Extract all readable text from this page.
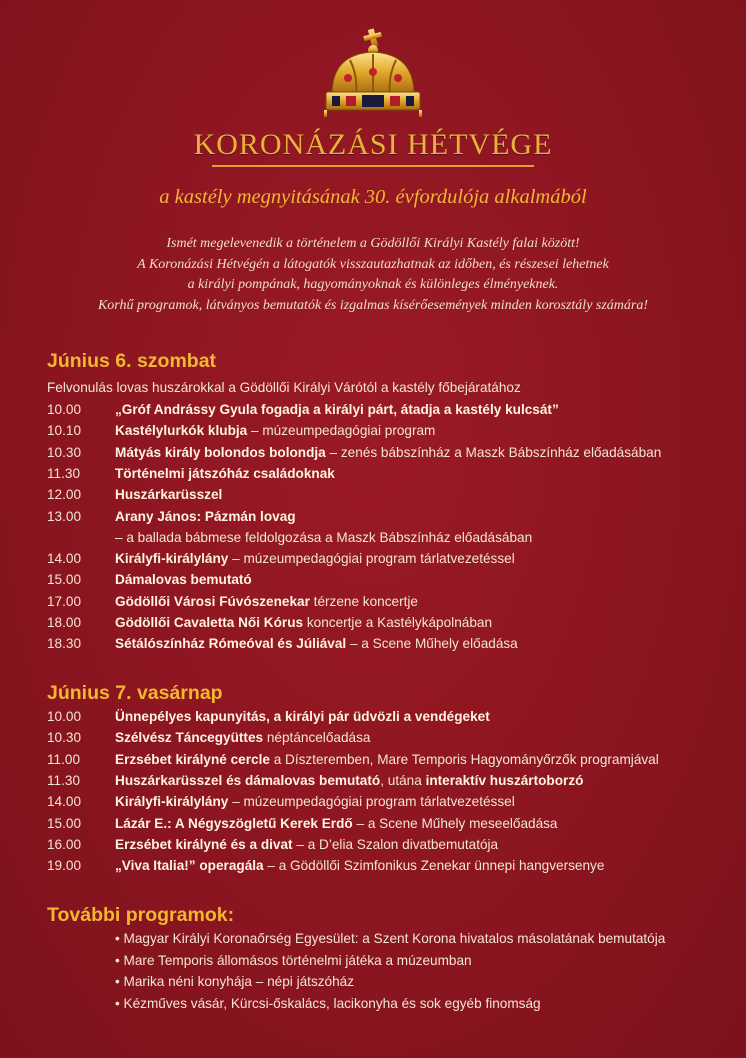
KORONÁZÁSI HÉTVÉGE
a kastély megnyitásának 30. évfordulója alkalmából
Ismét megelevenedik a történelem a Gödöllői Királyi Kastély falai között!
A Koronázási Hétvégén a látogatók visszautazhatnak az időben, és részesei lehetnek
a királyi pompának, hagyományoknak és különleges élményeknek.
Korhű programok, látványos bemutatók és izgalmas kísérőesemények minden korosztály számára!
Június 6. szombat
Felvonulás lovas huszárokkal a Gödöllői Királyi Várótól a kastély főbejáratához
10.00	„Gróf Andrássy Gyula fogadja a királyi párt, átadja a kastély kulcsát”
10.10	Kastélylurkók klubja – múzeumpedagógiai program
10.30	Mátyás király bolondos bolondja – zenés bábszínház a Maszk Bábszínház előadásában
11.30	Történelmi játszóház családoknak
12.00	Huszárkarüsszel
13.00	Arany János: Pázmán lovag
– a ballada bábmese feldolgozása a Maszk Bábszínház előadásában
14.00	Királyfi-királylány – múzeumpedagógiai program tárlatvezetéssel
15.00	Dámalovas bemutató
17.00	Gödöllői Városi Fúvószenekar térzene koncertje
18.00	Gödöllői Cavaletta Női Kórus koncertje a Kastélykápolnában
18.30	Sétálószínház Rómeóval és Júliával – a Scene Műhely előadása
Június 7. vasárnap
10.00	Ünnepélyes kapunyitás, a királyi pár üdvözli a vendégeket
10.30	Szélvész Táncegyüttes néptáncelőadása
11.00	Erzsébet királyné cercle a Díszteremben, Mare Temporis Hagyományőrzők programjával
11.30	Huszárkarüsszel és dámalovas bemutató, utána interaktív huszártoborzó
14.00	Királyfi-királylány – múzeumpedagógiai program tárlatvezetéssel
15.00	Lázár E.: A Négyszögletű Kerek Erdő – a Scene Műhely meseelőadása
16.00	Erzsébet királyné és a divat – a D’elia Szalon divatbemutatója
19.00	„Viva Italia!” operagála – a Gödöllői Szimfonikus Zenekar ünnepi hangversenye
További programok:
• Magyar Királyi Koronaőrség Egyesület: a Szent Korona hivatalos másolatának bemutatója
• Mare Temporis állomásos történelmi játéka a múzeumban
• Marika néni konyhája – népi játszóház
• Kézműves vásár, Kürcsi-őskalács, lacikonyha és sok egyéb finomság
